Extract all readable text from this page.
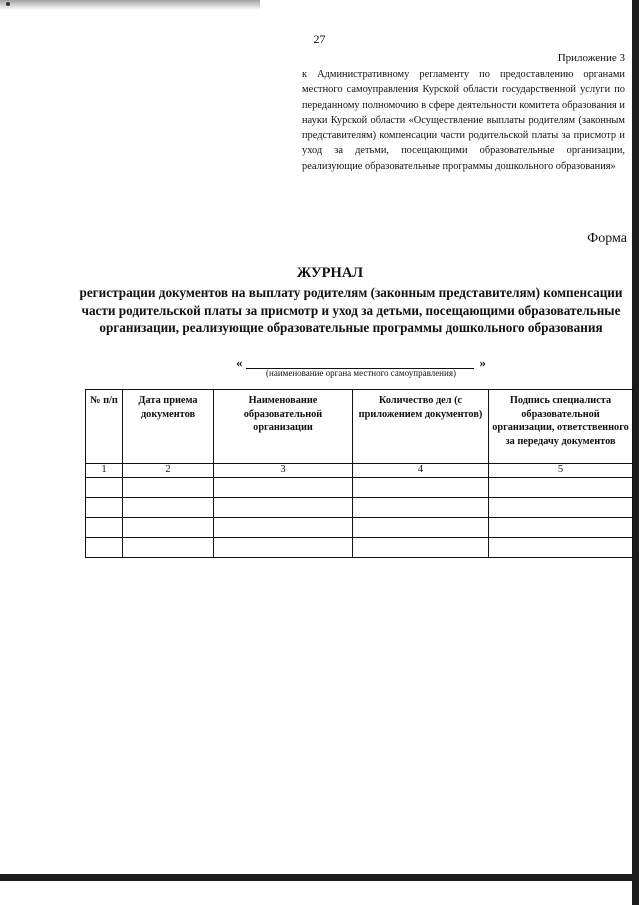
27
Приложение 3
к Административному регламенту по предоставлению органами местного самоуправления Курской области государственной услуги по переданному полномочию в сфере деятельности комитета образования и науки Курской области «Осуществление выплаты родителям (законным представителям) компенсации части родительской платы за присмотр и уход за детьми, посещающими образовательные организации, реализующие образовательные программы дошкольного образования»
Форма
ЖУРНАЛ
регистрации документов на выплату родителям (законным представителям) компенсации части родительской платы за присмотр и уход за детьми, посещающими образовательные организации, реализующие образовательные программы дошкольного образования
«	»
(наименование органа местного самоуправления)
№ п/п	Дата приема документов	Наименование образовательной организации	Количество дел (с приложением документов)	Подпись специалиста образовательной организации, ответственного за передачу документов
1	2	3	4	5
